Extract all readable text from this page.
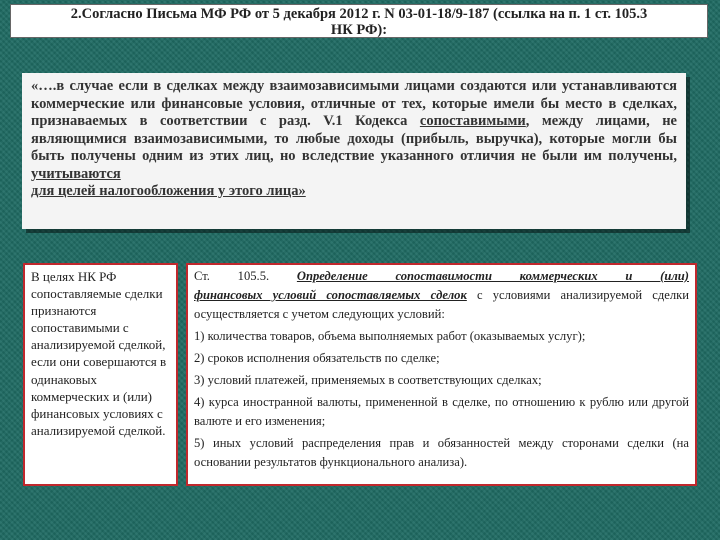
2.Согласно Письма МФ РФ от 5 декабря 2012 г. N 03-01-18/9-187 (ссылка на п. 1 ст. 105.3
НК РФ):
«….в случае если в сделках между взаимозависимыми лицами создаются или устанавливаются коммерческие или финансовые условия, отличные от тех, которые имели бы место в сделках, признаваемых в соответствии с разд. V.1 Кодекса сопоставимыми, между лицами, не являющимися взаимозависимыми, то любые доходы (прибыль, выручка), которые могли бы быть получены одним из этих лиц, но вследствие указанного отличия не были им получены, учитываются
для целей налогообложения у этого лица»
В целях НК РФ сопоставляемые сделки признаются сопоставимыми с анализируемой сделкой, если они совершаются в одинаковых коммерческих и (или) финансовых условиях с анализируемой сделкой.

Ст. 105.5. Определение сопоставимости коммерческих и (или)

финансовых условий сопоставляемых сделок с условиями анализируемой сделки осуществляется с учетом следующих условий:

1) количества товаров, объема выполняемых работ (оказываемых услуг);

2) сроков исполнения обязательств по сделке;

3) условий платежей, применяемых в соответствующих сделках;

4) курса иностранной валюты, примененной в сделке, по отношению к рублю или другой валюте и его изменения;

5) иных условий распределения прав и обязанностей между сторонами сделки (на основании результатов функционального анализа).
